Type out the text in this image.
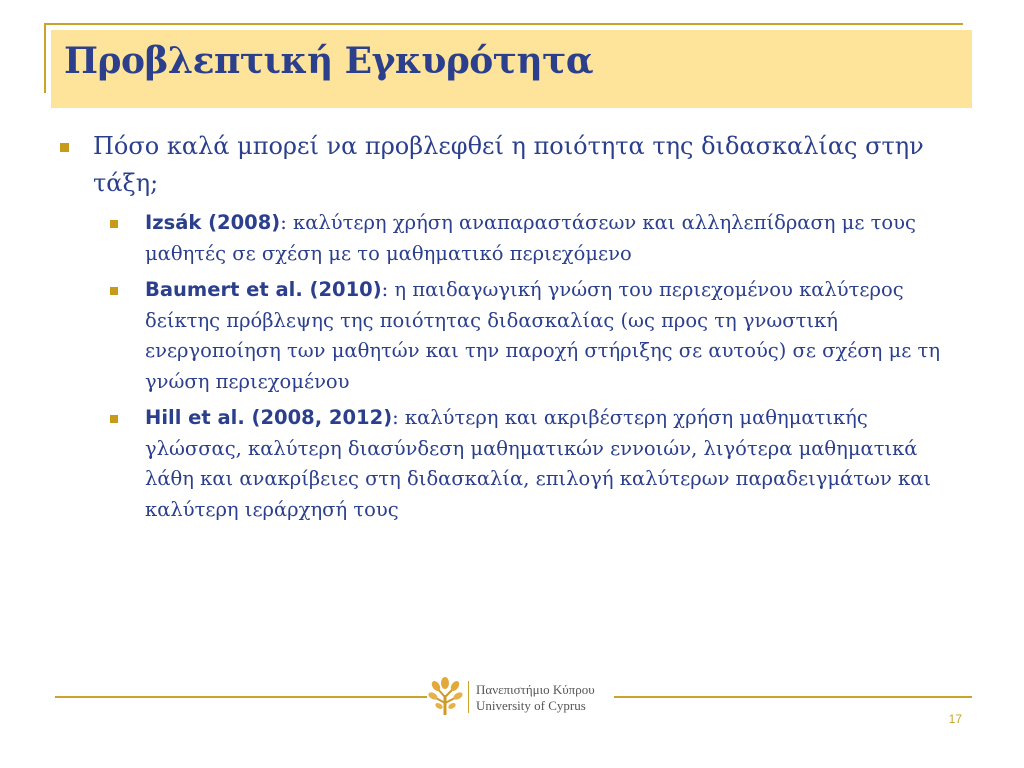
Προβλεπτική Εγκυρότητα
Πόσο καλά μπορεί να προβλεφθεί η ποιότητα της διδασκαλίας στην τάξη;
Izsák (2008): καλύτερη χρήση αναπαραστάσεων και αλληλεπίδραση με τους μαθητές σε σχέση με το μαθηματικό περιεχόμενο
Baumert et al. (2010): η παιδαγωγική γνώση του περιεχομένου καλύτερος δείκτης πρόβλεψης της ποιότητας διδασκαλίας (ως προς τη γνωστική ενεργοποίηση των μαθητών και την παροχή στήριξης σε αυτούς) σε σχέση με τη γνώση περιεχομένου
Hill et al. (2008, 2012): καλύτερη και ακριβέστερη χρήση μαθηματικής γλώσσας, καλύτερη διασύνδεση μαθηματικών εννοιών, λιγότερα μαθηματικά λάθη και ανακρίβειες στη διδασκαλία, επιλογή καλύτερων παραδειγμάτων και καλύτερη ιεράρχησή τους
Πανεπιστήμιο Κύπρου
University of Cyprus
17
